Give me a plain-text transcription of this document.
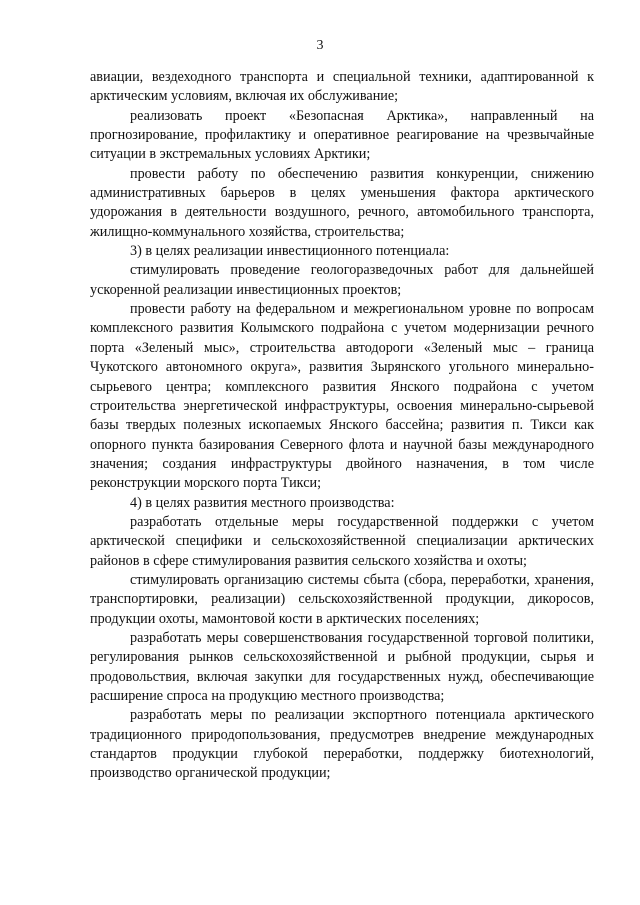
3

авиации, вездеходного транспорта и специальной техники, адаптированной к арктическим условиям, включая их обслуживание;

реализовать проект «Безопасная Арктика», направленный на прогнозирование, профилактику и оперативное реагирование на чрезвычайные ситуации в экстремальных условиях Арктики;

провести работу по обеспечению развития конкуренции, снижению административных барьеров в целях уменьшения фактора арктического удорожания в деятельности воздушного, речного, автомобильного транспорта, жилищно-коммунального хозяйства, строительства;

3) в целях реализации инвестиционного потенциала:

стимулировать проведение геологоразведочных работ для дальнейшей ускоренной реализации инвестиционных проектов;

провести работу на федеральном и межрегиональном уровне по вопросам комплексного развития Колымского подрайона с учетом модернизации речного порта «Зеленый мыс», строительства автодороги «Зеленый мыс – граница Чукотского автономного округа», развития Зырянского угольного минерально-сырьевого центра; комплексного развития Янского подрайона с учетом строительства энергетической инфраструктуры, освоения минерально-сырьевой базы твердых полезных ископаемых Янского бассейна; развития п. Тикси как опорного пункта базирования Северного флота и научной базы международного значения; создания инфраструктуры двойного назначения, в том числе реконструкции морского порта Тикси;

4) в целях развития местного производства:

разработать отдельные меры государственной поддержки с учетом арктической специфики и сельскохозяйственной специализации арктических районов в сфере стимулирования развития сельского хозяйства и охоты;

стимулировать организацию системы сбыта (сбора, переработки, хранения, транспортировки, реализации) сельскохозяйственной продукции, дикоросов, продукции охоты, мамонтовой кости в арктических поселениях;

разработать меры совершенствования государственной торговой политики, регулирования рынков сельскохозяйственной и рыбной продукции, сырья и продовольствия, включая закупки для государственных нужд, обеспечивающие расширение спроса на продукцию местного производства;

разработать меры по реализации экспортного потенциала арктического традиционного природопользования, предусмотрев внедрение международных стандартов продукции глубокой переработки, поддержку биотехнологий, производство органической продукции;
